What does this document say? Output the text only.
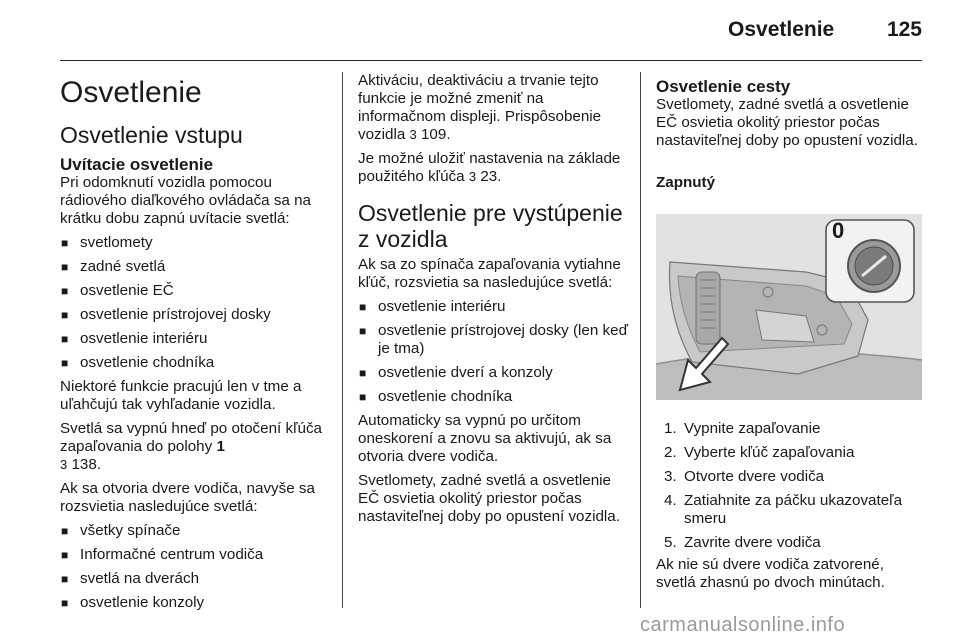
Osvetlenie	125
Osvetlenie
Osvetlenie vstupu
Uvítacie osvetlenie

Pri odomknutí vozidla pomocou rádiového diaľkového ovládača sa na krátku dobu zapnú uvítacie svetlá:

■ svetlomety
■ zadné svetlá
■ osvetlenie EČ
■ osvetlenie prístrojovej dosky
■ osvetlenie interiéru
■ osvetlenie chodníka

Niektoré funkcie pracujú len v tme a uľahčujú tak vyhľadanie vozidla.

Svetlá sa vypnú hneď po otočení kľúča zapaľovania do polohy 1
3 138.

Ak sa otvoria dvere vodiča, navyše sa rozsvietia nasledujúce svetlá:

■ všetky spínače
■ Informačné centrum vodiča
■ svetlá na dverách
■ osvetlenie konzoly

Aktiváciu, deaktiváciu a trvanie tejto funkcie je možné zmeniť na informačnom displeji. Prispôsobenie vozidla 3 109.

Je možné uložiť nastavenia na základe použitého kľúča 3 23.

Osvetlenie pre vystúpenie z vozidla

Ak sa zo spínača zapaľovania vytiahne kľúč, rozsvietia sa nasledujúce svetlá:

■ osvetlenie interiéru
■ osvetlenie prístrojovej dosky (len keď je tma)
■ osvetlenie dverí a konzoly
■ osvetlenie chodníka

Automaticky sa vypnú po určitom oneskorení a znovu sa aktivujú, ak sa otvoria dvere vodiča.

Svetlomety, zadné svetlá a osvetlenie EČ osvietia okolitý priestor počas nastaviteľnej doby po opustení vozidla.

Osvetlenie cesty

Svetlomety, zadné svetlá a osvetlenie EČ osvietia okolitý priestor počas nastaviteľnej doby po opustení vozidla.

Zapnutý
0
1. Vypnite zapaľovanie
2. Vyberte kľúč zapaľovania
3. Otvorte dvere vodiča
4. Zatiahnite za páčku ukazovateľa smeru
5. Zavrite dvere vodiča

Ak nie sú dvere vodiča zatvorené, svetlá zhasnú po dvoch minútach.

carmanualsonline.info
